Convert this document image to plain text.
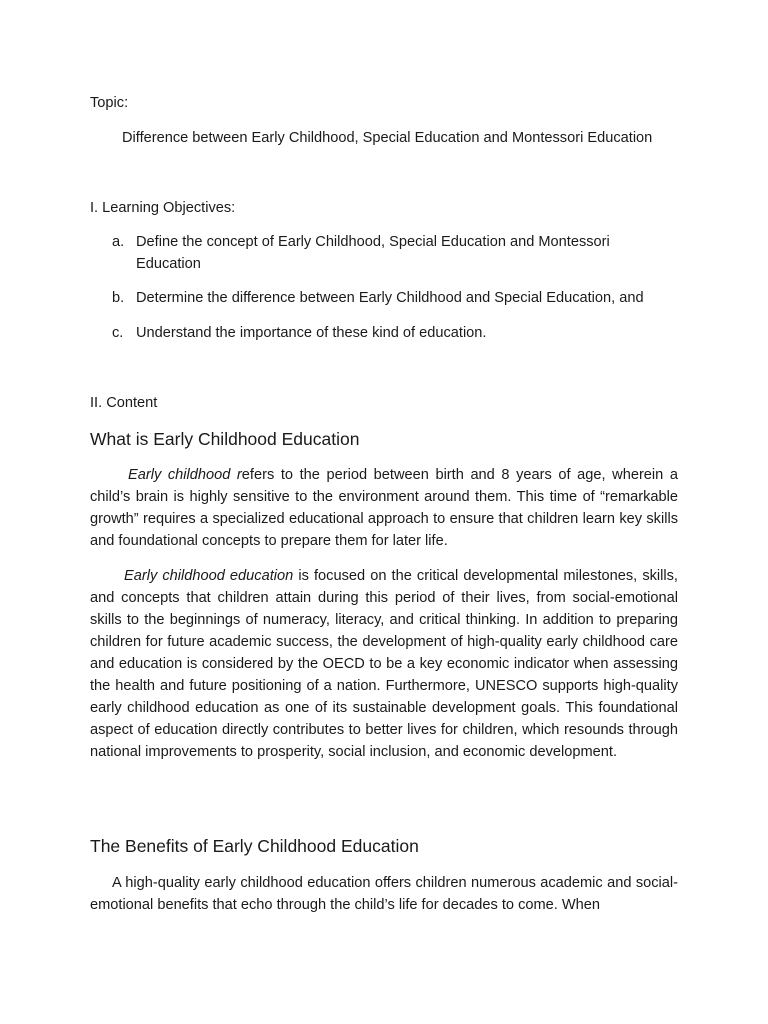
Topic:
Difference between Early Childhood, Special Education and Montessori Education
I. Learning Objectives:
a. Define the concept of Early Childhood, Special Education and Montessori Education
b. Determine the difference between Early Childhood and Special Education, and
c. Understand the importance of these kind of education.
II. Content
What is Early Childhood Education

Early childhood refers to the period between birth and 8 years of age, wherein a child’s brain is highly sensitive to the environment around them. This time of “remarkable growth” requires a specialized educational approach to ensure that children learn key skills and foundational concepts to prepare them for later life.

Early childhood education is focused on the critical developmental milestones, skills, and concepts that children attain during this period of their lives, from social-emotional skills to the beginnings of numeracy, literacy, and critical thinking. In addition to preparing children for future academic success, the development of high-quality early childhood care and education is considered by the OECD to be a key economic indicator when assessing the health and future positioning of a nation. Furthermore, UNESCO supports high-quality early childhood education as one of its sustainable development goals. This foundational aspect of education directly contributes to better lives for children, which resounds through national improvements to prosperity, social inclusion, and economic development.

The Benefits of Early Childhood Education

A high-quality early childhood education offers children numerous academic and social-emotional benefits that echo through the child’s life for decades to come. When
